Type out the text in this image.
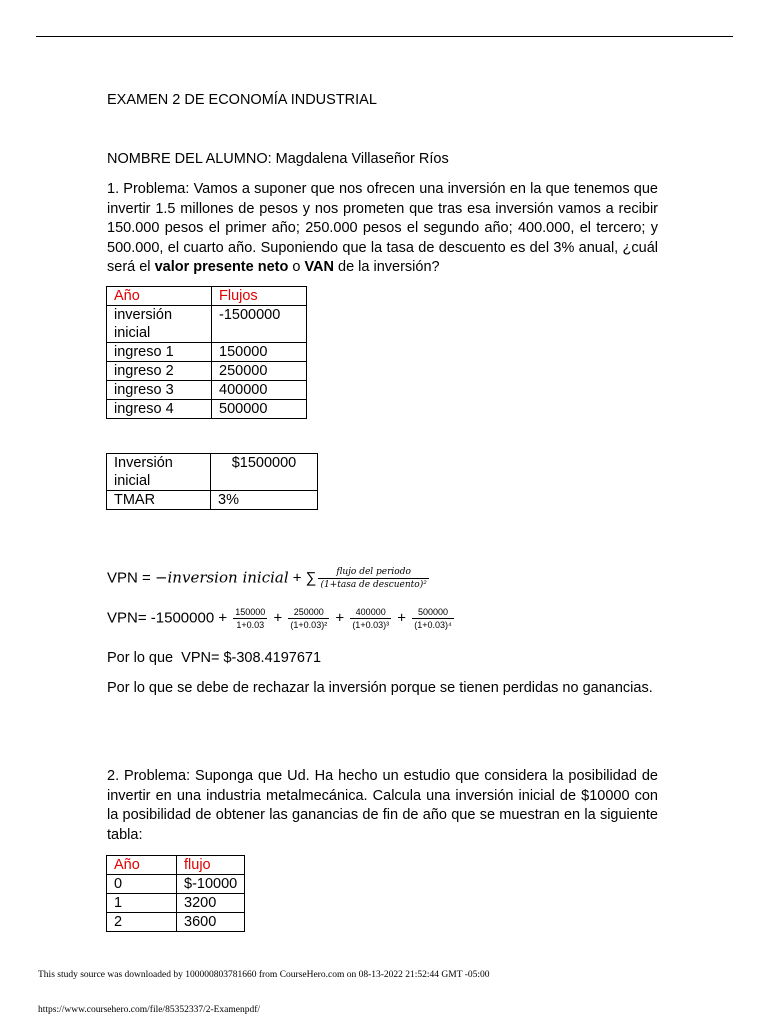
EXAMEN 2 DE ECONOMÍA INDUSTRIAL
NOMBRE DEL ALUMNO: Magdalena Villaseñor Ríos
1. Problema: Vamos a suponer que nos ofrecen una inversión en la que tenemos que invertir 1.5 millones de pesos y nos prometen que tras esa inversión vamos a recibir 150.000 pesos el primer año; 250.000 pesos el segundo año; 400.000, el tercero; y 500.000, el cuarto año. Suponiendo que la tasa de descuento es del 3% anual, ¿cuál será el valor presente neto o VAN de la inversión?
Año	Flujos
inversión inicial	-1500000
ingreso 1	150000
ingreso 2	250000
ingreso 3	400000
ingreso 4	500000
Inversión inicial	$1500000
TMAR	3%
VPN = −inversion inicial + ∑ $\frac{\text{flujo del periodo}}{\text{(1+tasa de descuento)²}}$
$VPN= -1500000 + \frac{150000}{1+0.03} + \frac{250000}{\text{(1+0.03)²}} + \frac{400000}{\text{(1+0.03)³}} + \frac{500000}{\text{(1+0.03)⁴}}$
Por lo que  VPN= $-308.4197671
Por lo que se debe de rechazar la inversión porque se tienen perdidas no ganancias.
2. Problema: Suponga que Ud. Ha hecho un estudio que considera la posibilidad de invertir en una industria metalmecánica. Calcula una inversión inicial de $10000 con la posibilidad de obtener las ganancias de fin de año que se muestran en la siguiente tabla:
Año	flujo
0	$-10000
1	3200
2	3600
This study source was downloaded by 100000803781660 from CourseHero.com on 08-13-2022 21:52:44 GMT -05:00
https://www.coursehero.com/file/85352337/2-Examenpdf/
